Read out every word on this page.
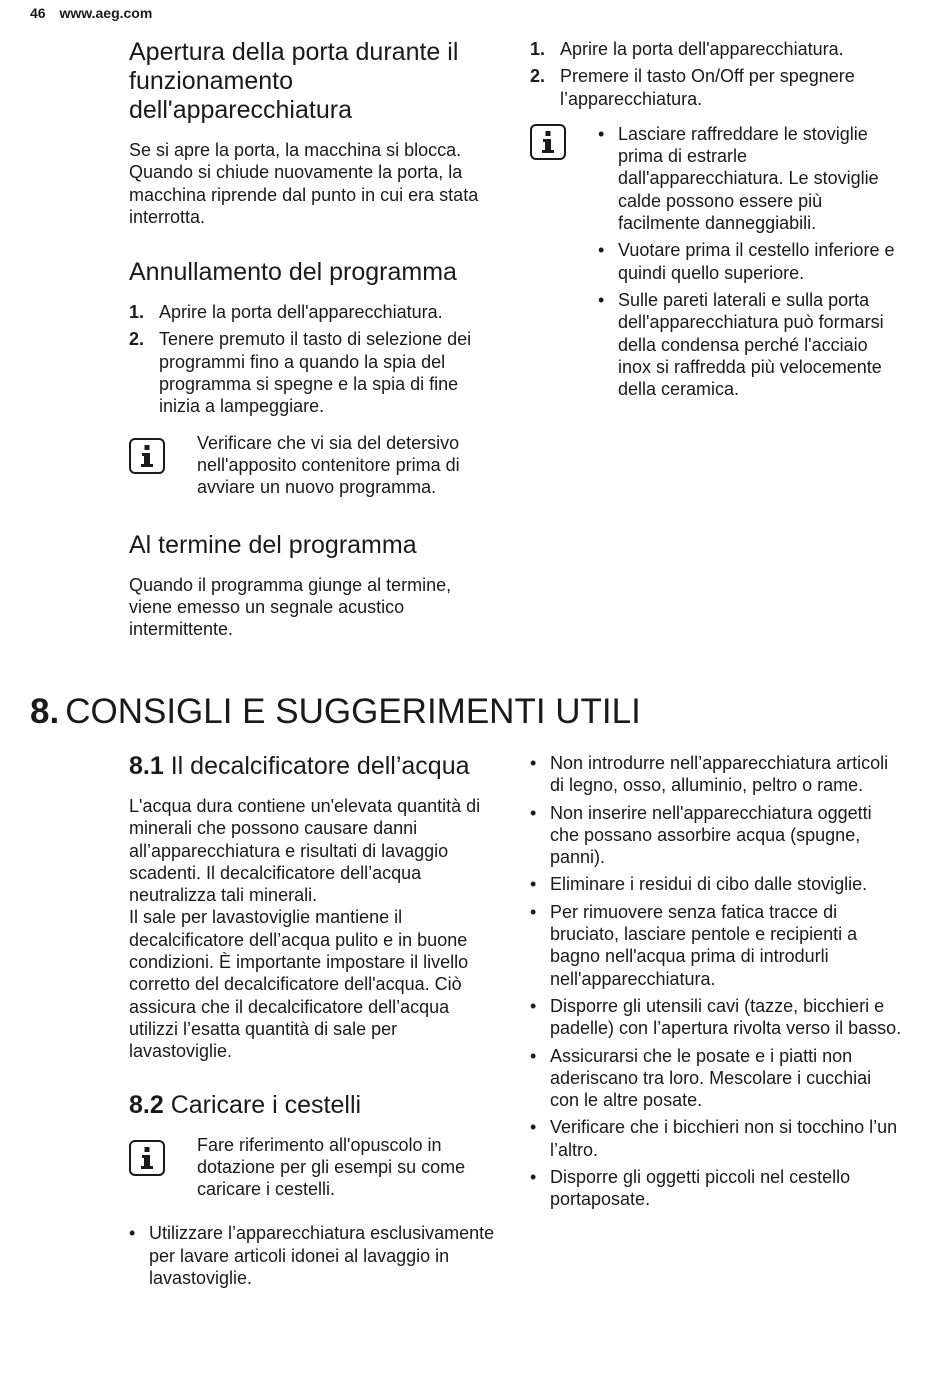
46 www.aeg.com
Apertura della porta durante il funzionamento dell'apparecchiatura

Se si apre la porta, la macchina si blocca. Quando si chiude nuovamente la porta, la macchina riprende dal punto in cui era stata interrotta.

Annullamento del programma
1. Aprire la porta dell'apparecchiatura.
2. Tenere premuto il tasto di selezione dei programmi fino a quando la spia del programma si spegne e la spia di fine inizia a lampeggiare.

Verificare che vi sia del detersivo nell'apposito contenitore prima di avviare un nuovo programma.

Al termine del programma

Quando il programma giunge al termine, viene emesso un segnale acustico intermittente.

1. Aprire la porta dell'apparecchiatura.
2. Premere il tasto On/Off per spegnere l’apparecchiatura.
• Lasciare raffreddare le stoviglie prima di estrarle dall'apparecchiatura. Le stoviglie calde possono essere più facilmente danneggiabili.
• Vuotare prima il cestello inferiore e quindi quello superiore.
• Sulle pareti laterali e sulla porta dell'apparecchiatura può formarsi della condensa perché l'acciaio inox si raffredda più velocemente della ceramica.
8. CONSIGLI E SUGGERIMENTI UTILI
8.1 Il decalcificatore dell’acqua

L'acqua dura contiene un'elevata quantità di minerali che possono causare danni all’apparecchiatura e risultati di lavaggio scadenti. Il decalcificatore dell’acqua neutralizza tali minerali.

Il sale per lavastoviglie mantiene il decalcificatore dell’acqua pulito e in buone condizioni. È importante impostare il livello corretto del decalcificatore dell'acqua. Ciò assicura che il decalcificatore dell’acqua utilizzi l’esatta quantità di sale per lavastoviglie.

8.2 Caricare i cestelli

Fare riferimento all'opuscolo in dotazione per gli esempi su come caricare i cestelli.

• Utilizzare l’apparecchiatura esclusivamente per lavare articoli idonei al lavaggio in lavastoviglie.
• Non introdurre nell’apparecchiatura articoli di legno, osso, alluminio, peltro o rame.
• Non inserire nell'apparecchiatura oggetti che possano assorbire acqua (spugne, panni).
• Eliminare i residui di cibo dalle stoviglie.
• Per rimuovere senza fatica tracce di bruciato, lasciare pentole e recipienti a bagno nell'acqua prima di introdurli nell'apparecchiatura.
• Disporre gli utensili cavi (tazze, bicchieri e padelle) con l’apertura rivolta verso il basso.
• Assicurarsi che le posate e i piatti non aderiscano tra loro. Mescolare i cucchiai con le altre posate.
• Verificare che i bicchieri non si tocchino l’un l’altro.
• Disporre gli oggetti piccoli nel cestello portaposate.
